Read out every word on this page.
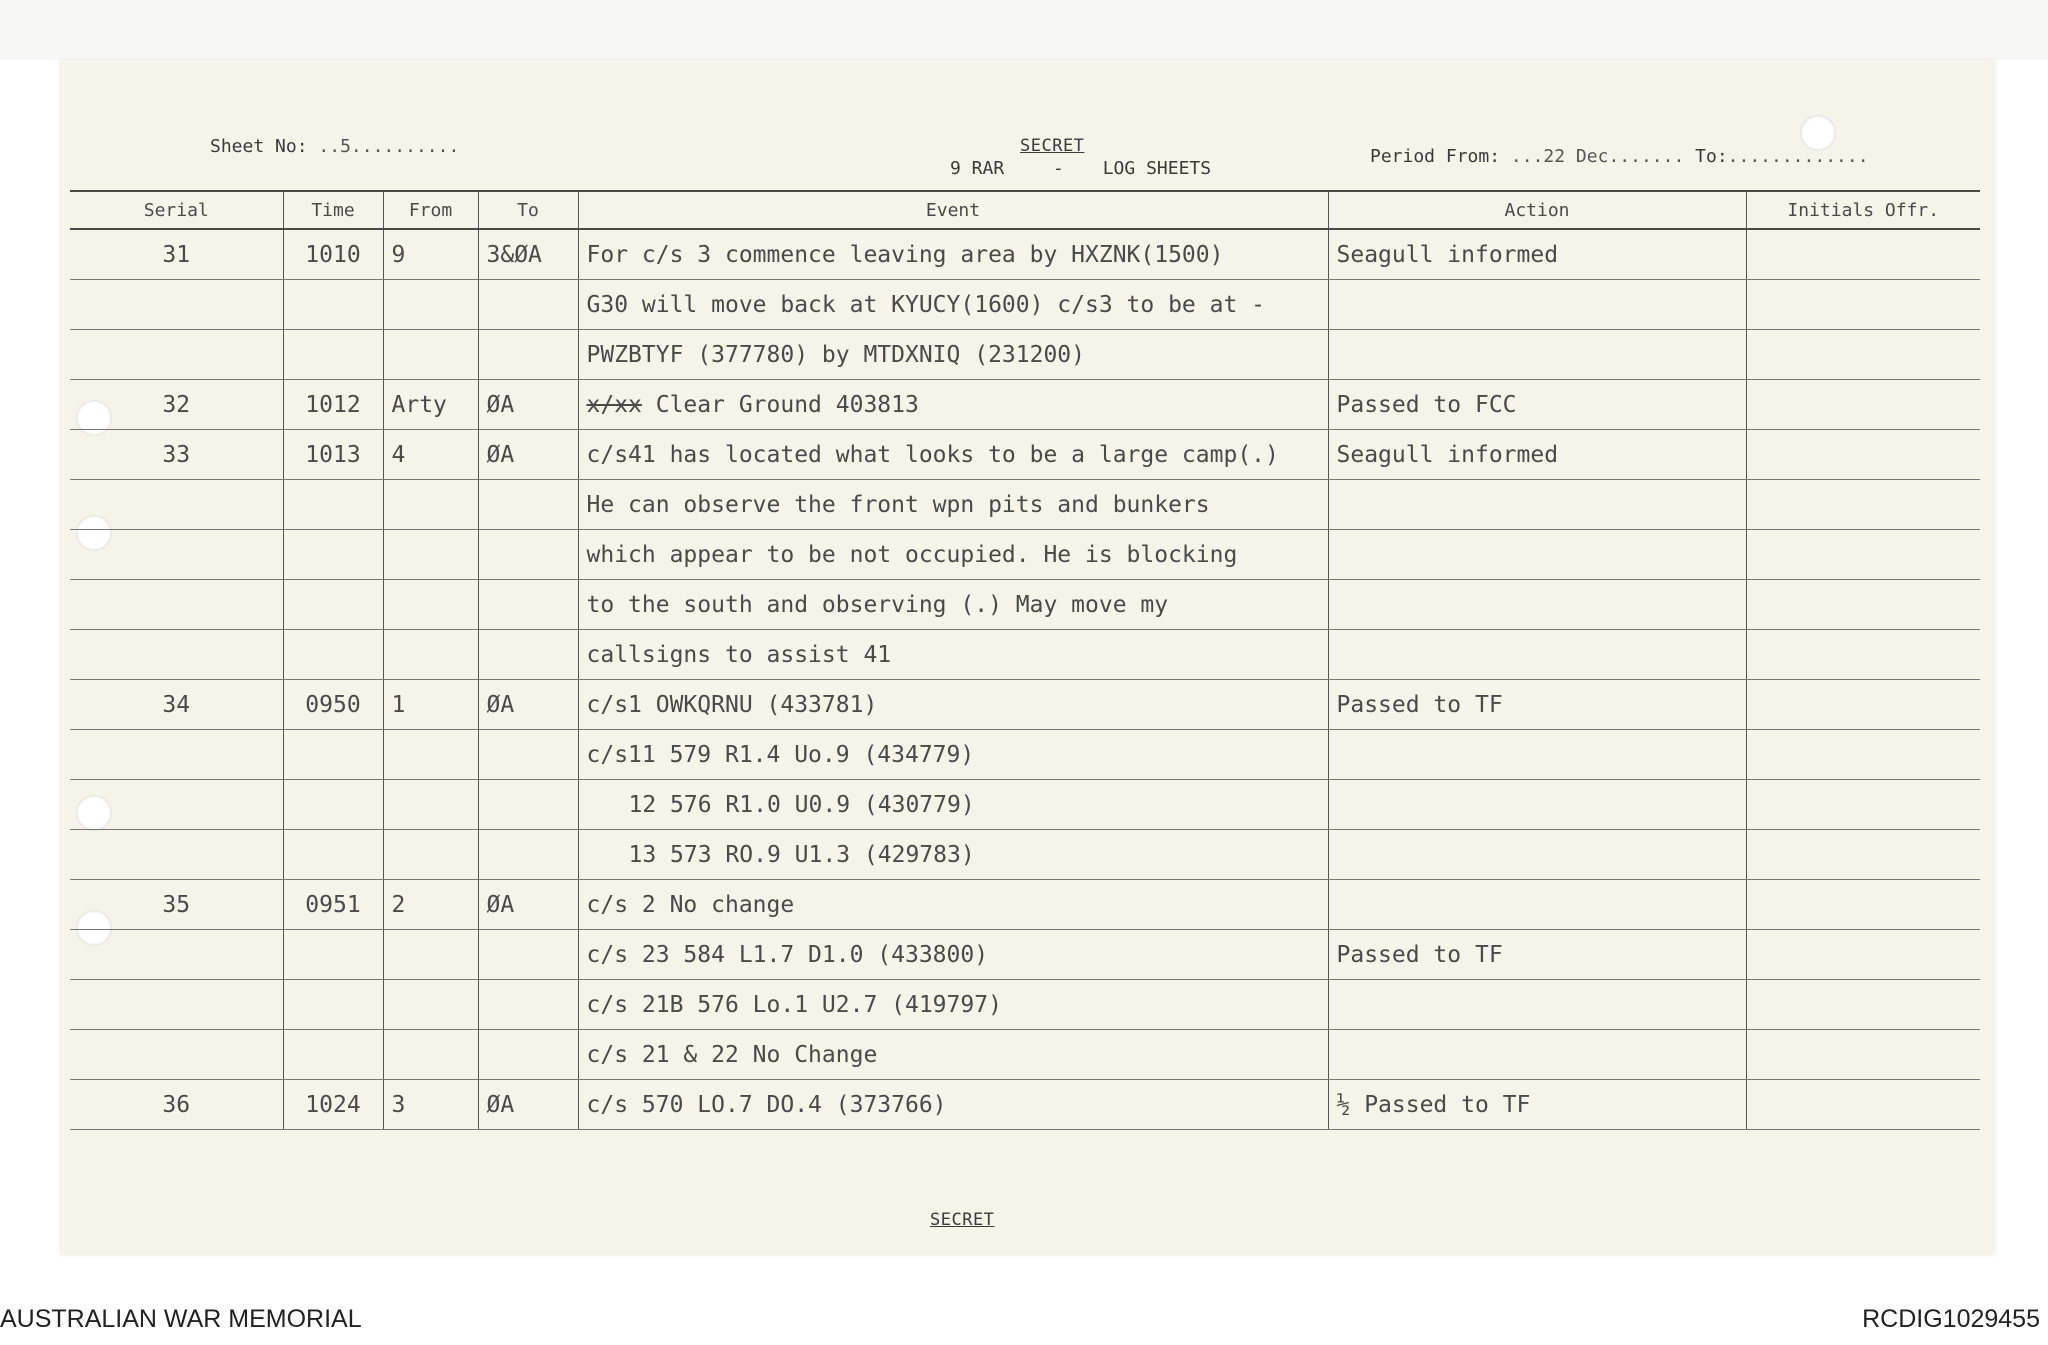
Sheet No: ..5..........	SECRET
9 RAR	- LOG SHEETS
Period From: ...22 Dec....... To:.............
Serial	Time	From	To	Event	Action	Initials Offr.
31	1010	9	3&ØA	For c/s 3 commence leaving area by HXZNK(1500)	Seagull informed	
				G30 will move back at KYUCY(1600) c/s3 to be at -		
				PWZBTYF (377780) by MTDXNIQ (231200)		
32	1012	Arty	ØA	x/xx Clear Ground 403813	Passed to FCC	
33	1013	4	ØA	c/s41 has located what looks to be a large camp(.)	Seagull informed	
				He can observe the front wpn pits and bunkers		
				which appear to be not occupied. He is blocking		
				to the south and observing (.) May move my		
				callsigns to assist 41		
34	0950	1	ØA	c/s1 OWKQRNU (433781)	Passed to TF	
				c/s11 579 R1.4 Uo.9 (434779)		
				12 576 R1.0 U0.9 (430779)		
				13 573 RO.9 U1.3 (429783)		
35	0951	2	ØA	c/s 2 No change		
				c/s 23 584 L1.7 D1.0 (433800)	Passed to TF	
				c/s 21B 576 Lo.1 U2.7 (419797)		
				c/s 21 & 22 No Change		
36	1024	3	ØA	c/s 570 LO.7 DO.4 (373766)	½ Passed to TF	
SECRET
AUSTRALIAN WAR MEMORIAL	RCDIG1029455
